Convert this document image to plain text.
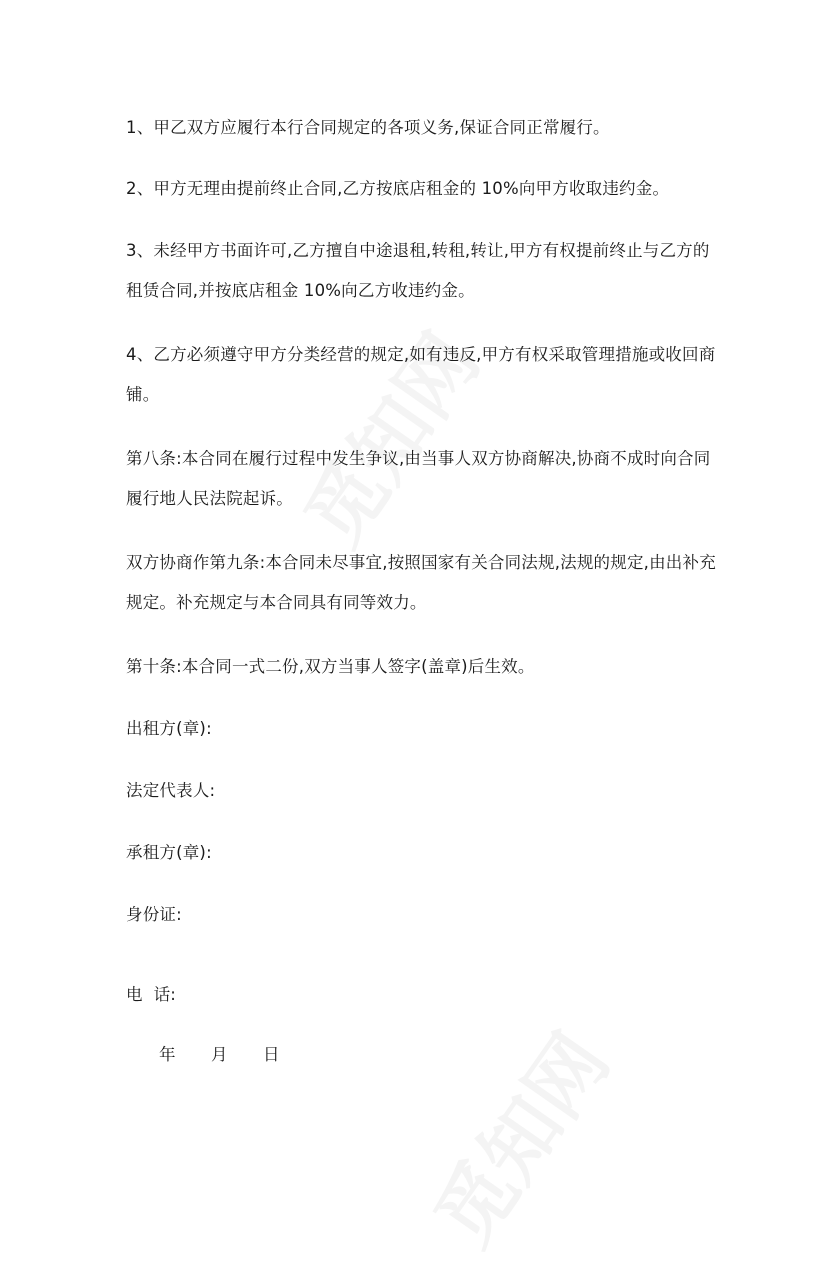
1、甲乙双方应履行本行合同规定的各项义务,保证合同正常履行。

2、甲方无理由提前终止合同,乙方按底店租金的 10%向甲方收取违约金。

3、未经甲方书面许可,乙方擅自中途退租,转租,转让,甲方有权提前终止与乙方的租赁合同,并按底店租金 10%向乙方收违约金。

4、乙方必须遵守甲方分类经营的规定,如有违反,甲方有权采取管理措施或收回商铺。

第八条:本合同在履行过程中发生争议,由当事人双方协商解决,协商不成时向合同履行地人民法院起诉。

双方协商作第九条:本合同未尽事宜,按照国家有关合同法规,法规的规定,由出补充规定。补充规定与本合同具有同等效力。

第十条:本合同一式二份,双方当事人签字(盖章)后生效。

出租方(章):

法定代表人:

承租方(章):

身份证:

电  话:

年 月 日
